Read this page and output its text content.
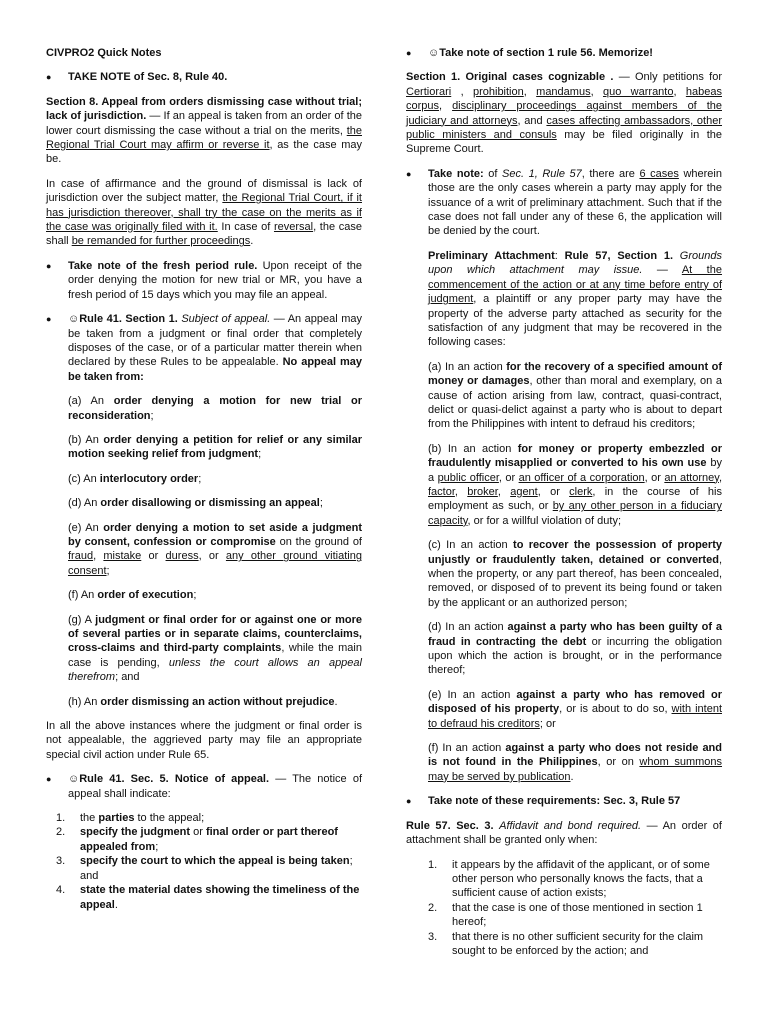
CIVPRO2 Quick Notes

● TAKE NOTE of Sec. 8, Rule 40.

Section 8. Appeal from orders dismissing case without trial; lack of jurisdiction. — If an appeal is taken from an order of the lower court dismissing the case without a trial on the merits, the Regional Trial Court may affirm or reverse it, as the case may be.

In case of affirmance and the ground of dismissal is lack of jurisdiction over the subject matter, the Regional Trial Court, if it has jurisdiction thereover, shall try the case on the merits as if the case was originally filed with it. In case of reversal, the case shall be remanded for further proceedings.

● Take note of the fresh period rule. Upon receipt of the order denying the motion for new trial or MR, you have a fresh period of 15 days which you may file an appeal.

● ☺Rule 41. Section 1. Subject of appeal. — An appeal may be taken from a judgment or final order that completely disposes of the case, or of a particular matter therein when declared by these Rules to be appealable. No appeal may be taken from:

(a) An order denying a motion for new trial or reconsideration;

(b) An order denying a petition for relief or any similar motion seeking relief from judgment;

(c) An interlocutory order;

(d) An order disallowing or dismissing an appeal;

(e) An order denying a motion to set aside a judgment by consent, confession or compromise on the ground of fraud, mistake or duress, or any other ground vitiating consent;

(f) An order of execution;

(g) A judgment or final order for or against one or more of several parties or in separate claims, counterclaims, cross-claims and third-party complaints, while the main case is pending, unless the court allows an appeal therefrom; and

(h) An order dismissing an action without prejudice.

In all the above instances where the judgment or final order is not appealable, the aggrieved party may file an appropriate special civil action under Rule 65.

● ☺Rule 41. Sec. 5. Notice of appeal. — The notice of appeal shall indicate:

1. the parties to the appeal;
2. specify the judgment or final order or part thereof appealed from;
3. specify the court to which the appeal is being taken; and
4. state the material dates showing the timeliness of the appeal.

● ☺Take note of section 1 rule 56. Memorize!

Section 1. Original cases cognizable . — Only petitions for Certiorari , prohibition, mandamus, quo warranto, habeas corpus, disciplinary proceedings against members of the judiciary and attorneys, and cases affecting ambassadors, other public ministers and consuls may be filed originally in the Supreme Court.

● Take note: of Sec. 1, Rule 57, there are 6 cases wherein those are the only cases wherein a party may apply for the issuance of a writ of preliminary attachment. Such that if the case does not fall under any of these 6, the application will be denied by the court.

Preliminary Attachment: Rule 57, Section 1. Grounds upon which attachment may issue. — At the commencement of the action or at any time before entry of judgment, a plaintiff or any proper party may have the property of the adverse party attached as security for the satisfaction of any judgment that may be recovered in the following cases:

(a) In an action for the recovery of a specified amount of money or damages, other than moral and exemplary, on a cause of action arising from law, contract, quasi-contract, delict or quasi-delict against a party who is about to depart from the Philippines with intent to defraud his creditors;

(b) In an action for money or property embezzled or fraudulently misapplied or converted to his own use by a public officer, or an officer of a corporation, or an attorney, factor, broker, agent, or clerk, in the course of his employment as such, or by any other person in a fiduciary capacity, or for a willful violation of duty;

(c) In an action to recover the possession of property unjustly or fraudulently taken, detained or converted, when the property, or any part thereof, has been concealed, removed, or disposed of to prevent its being found or taken by the applicant or an authorized person;

(d) In an action against a party who has been guilty of a fraud in contracting the debt or incurring the obligation upon which the action is brought, or in the performance thereof;

(e) In an action against a party who has removed or disposed of his property, or is about to do so, with intent to defraud his creditors; or

(f) In an action against a party who does not reside and is not found in the Philippines, or on whom summons may be served by publication.

● Take note of these requirements: Sec. 3, Rule 57

Rule 57. Sec. 3. Affidavit and bond required. — An order of attachment shall be granted only when:

1. it appears by the affidavit of the applicant, or of some other person who personally knows the facts, that a sufficient cause of action exists;
2. that the case is one of those mentioned in section 1 hereof;
3. that there is no other sufficient security for the claim sought to be enforced by the action; and
